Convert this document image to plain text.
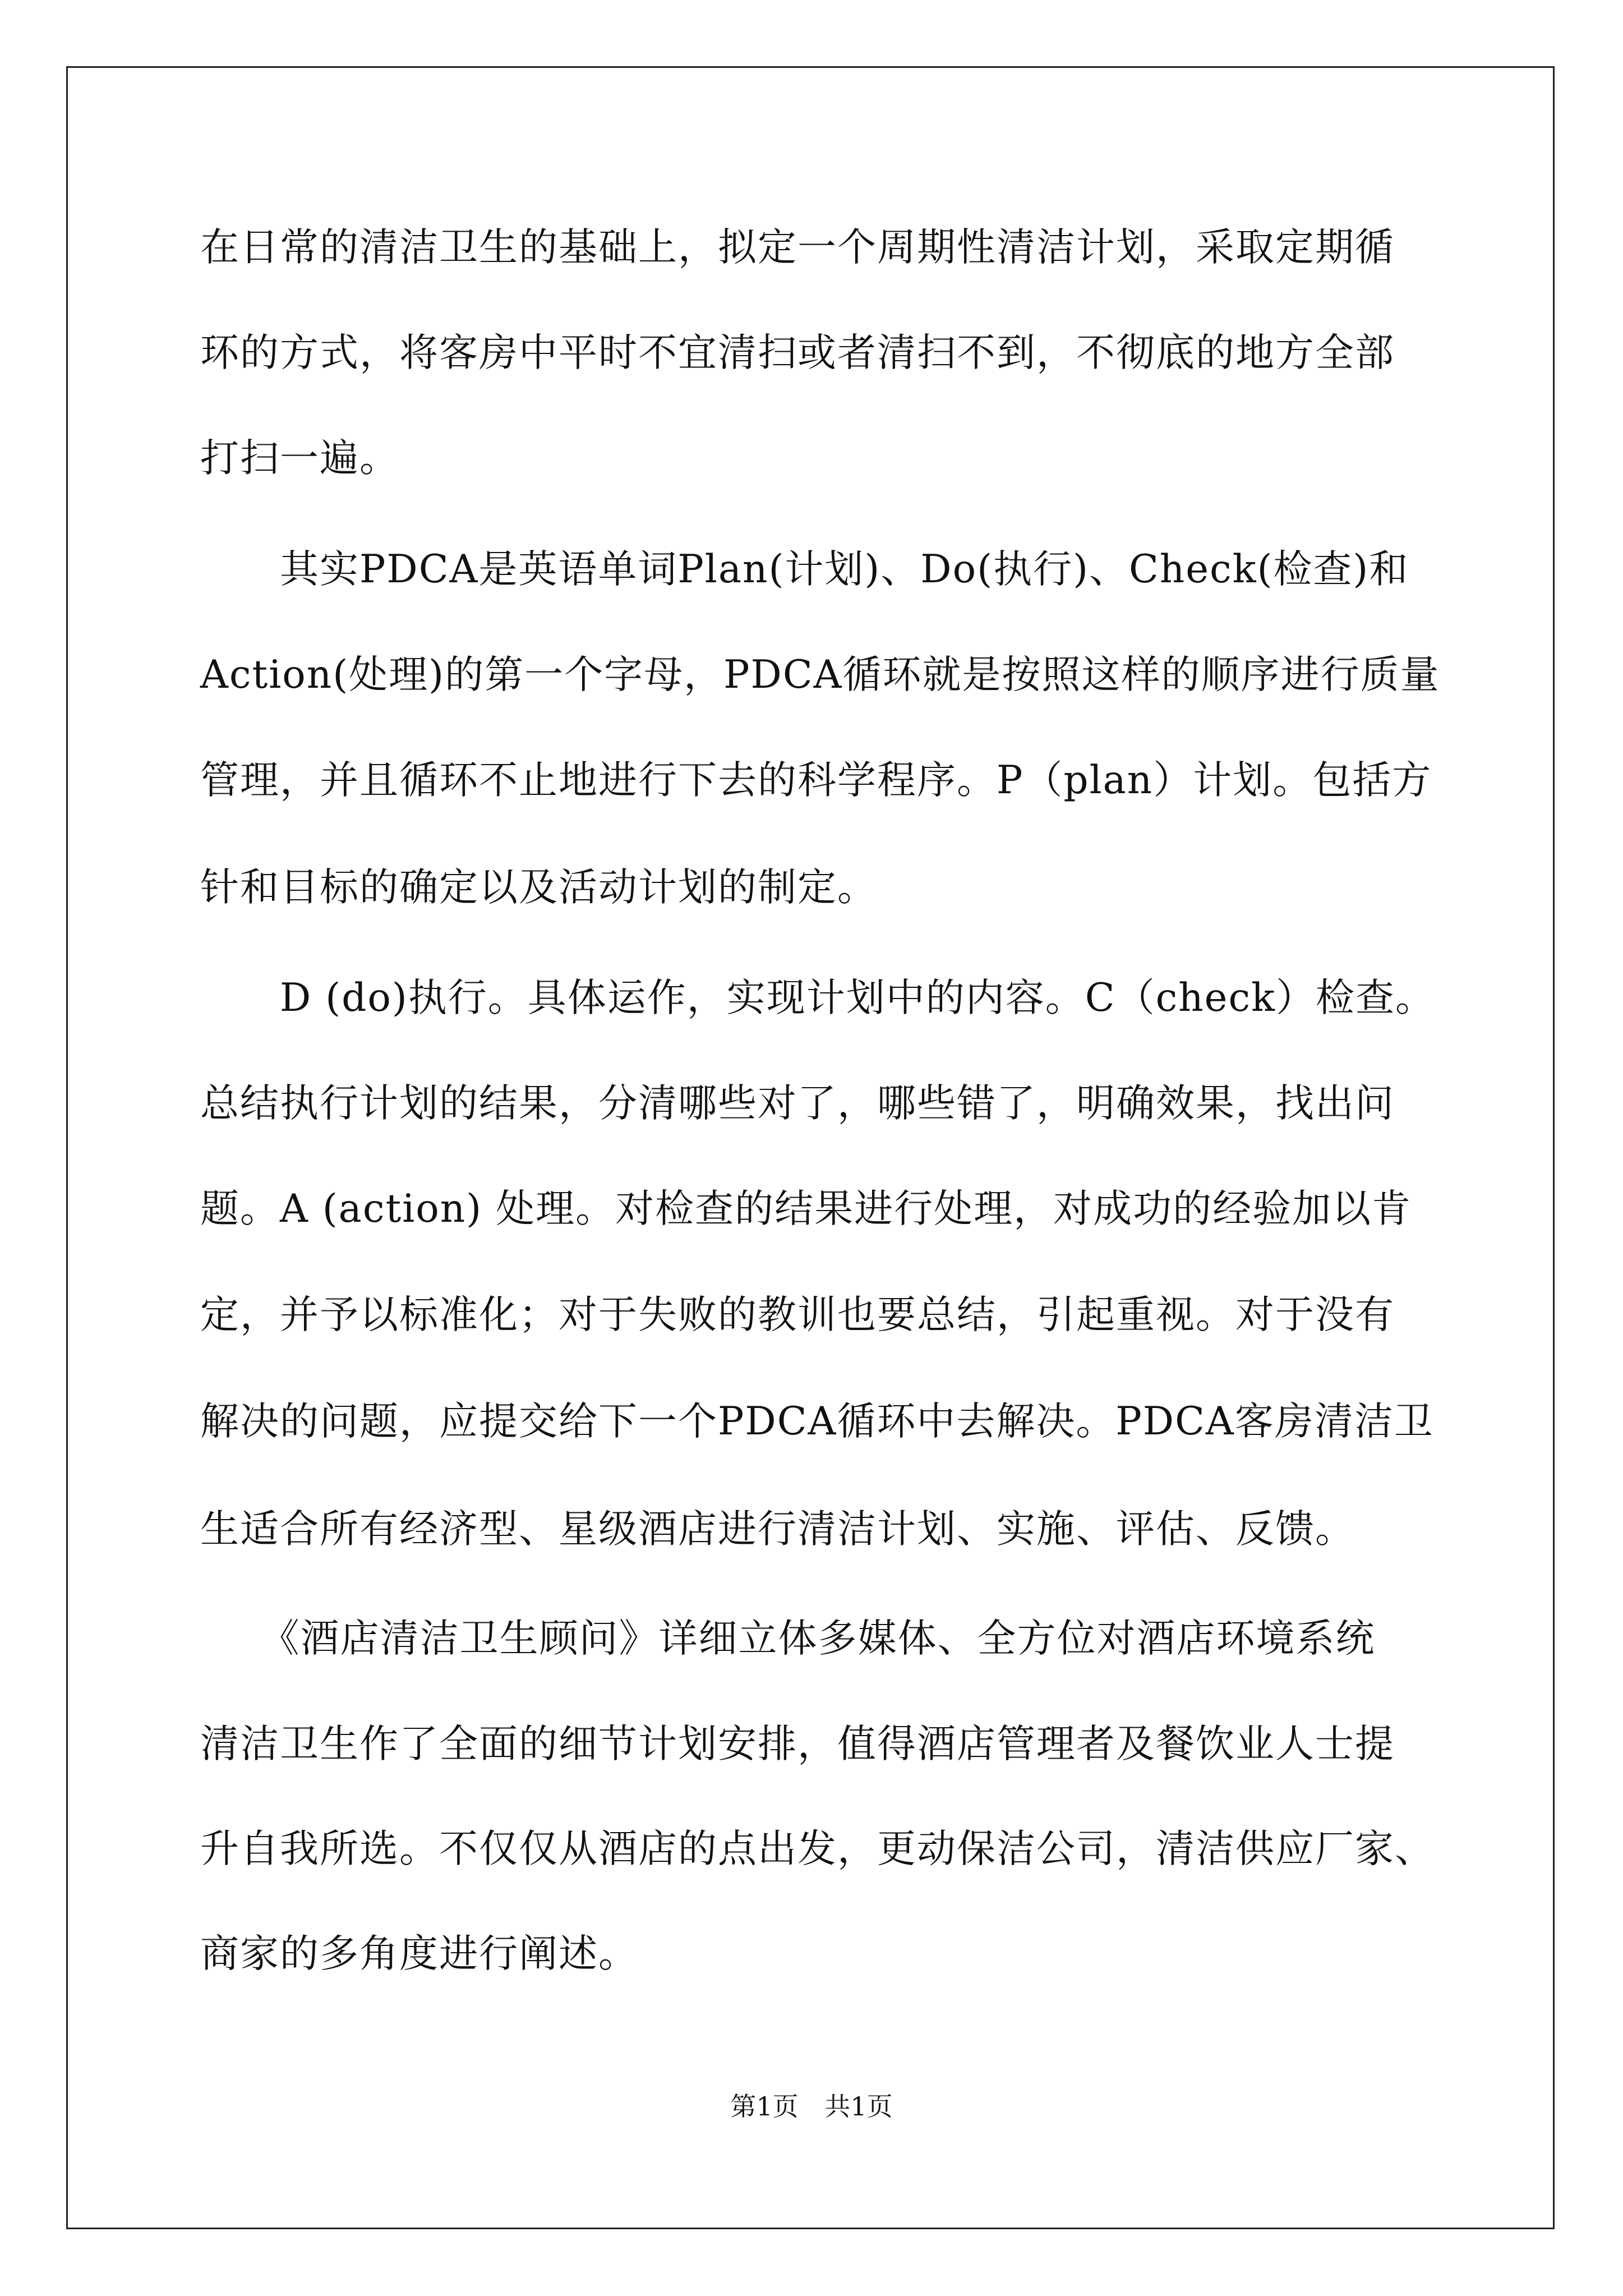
在日常的清洁卫生的基础上，拟定一个周期性清洁计划，采取定期循
环的方式，将客房中平时不宜清扫或者清扫不到，不彻底的地方全部
打扫一遍。
　　其实PDCA是英语单词Plan(计划)、Do(执行)、Check(检查)和
Action(处理)的第一个字母，PDCA循环就是按照这样的顺序进行质量
管理，并且循环不止地进行下去的科学程序。P（plan）计划。包括方
针和目标的确定以及活动计划的制定。
　　D (do)执行。具体运作，实现计划中的内容。C（check）检查。
总结执行计划的结果，分清哪些对了，哪些错了，明确效果，找出问
题。A (action) 处理。对检查的结果进行处理，对成功的经验加以肯
定，并予以标准化；对于失败的教训也要总结，引起重视。对于没有
解决的问题，应提交给下一个PDCA循环中去解决。PDCA客房清洁卫
生适合所有经济型、星级酒店进行清洁计划、实施、评估、反馈。
　　《酒店清洁卫生顾问》详细立体多媒体、全方位对酒店环境系统
清洁卫生作了全面的细节计划安排，值得酒店管理者及餐饮业人士提
升自我所选。不仅仅从酒店的点出发，更动保洁公司，清洁供应厂家、
商家的多角度进行阐述。
第1页 共1页
